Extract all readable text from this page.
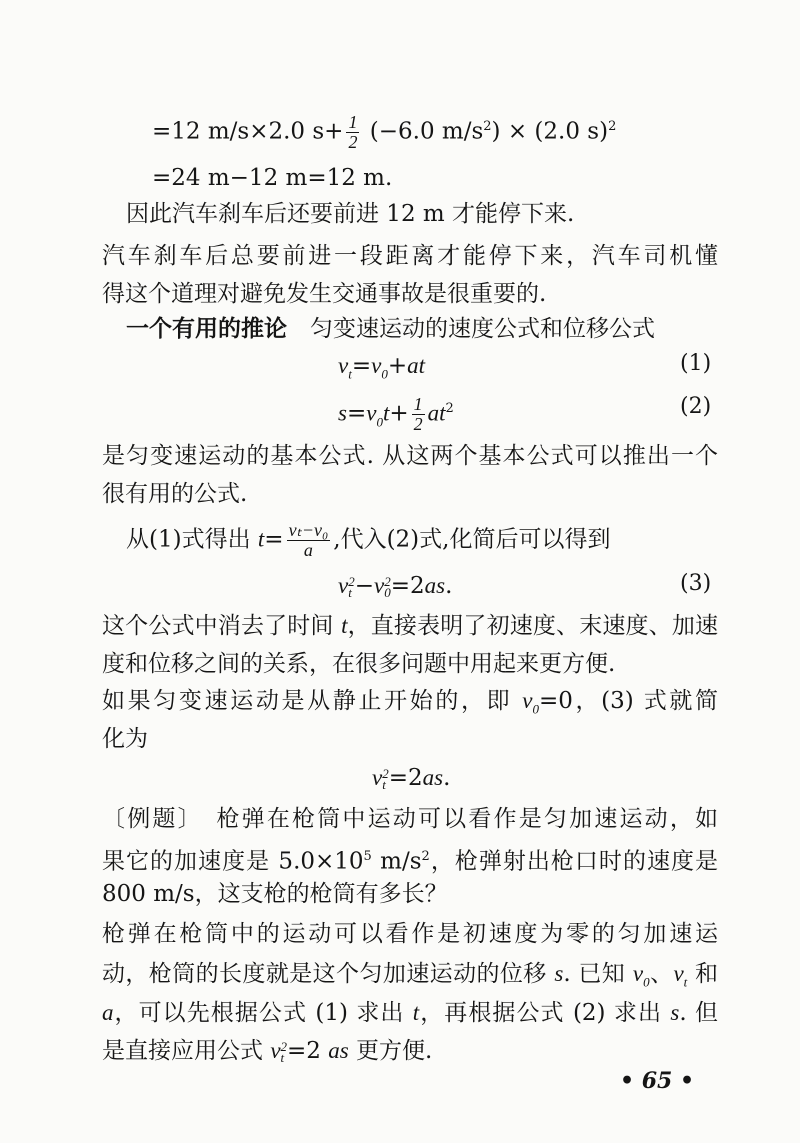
=12 m/s×2.0 $s+ \frac{1}{2} (-6.0$ $m/s^2) \times (2.0$ s)$^2$
=24 m−12 m=12 m.
因此汽车刹车后还要前进 12 m 才能停下来.
汽车刹车后总要前进一段距离才能停下来，汽车司机懂
得这个道理对避免发生交通事故是很重要的.
一个有用的推论　匀变速运动的速度公式和位移公式
$v_t=v_0+at$
$s=v_0t+ \frac{1}{2} at^2$
是匀变速运动的基本公式. 从这两个基本公式可以推出一个
很有用的公式.
从(1)式得出 $t= \frac{\text{vₜ−v₀}}{a}$ ,代入(2)式,化简后可以得到
v 2
t −v 2
0 =2as.
这个公式中消去了时间 t，直接表明了初速度、末速度、加速
度和位移之间的关系，在很多问题中用起来更方便.
如果匀变速运动是从静止开始的，即 $v_0=0$，(3) 式就简
化为
v 2
t =2as.
〔例题〕　枪弹在枪筒中运动可以看作是匀加速运动，如
果它的加速度是 $5.0\times 10^5$ $m/s^2$，枪弹射出枪口时的速度是
800 m/s，这支枪的枪筒有多长？
枪弹在枪筒中的运动可以看作是初速度为零的匀加速运
动，枪筒的长度就是这个匀加速运动的位移 s. 已知 $v_0$、$v_t$ 和
a，可以先根据公式 (1) 求出 t，再根据公式 (2) 求出 s. 但
是直接应用公式 v 2
t =2 as 更方便.
(1)
(2)
(3)
• 65 •
